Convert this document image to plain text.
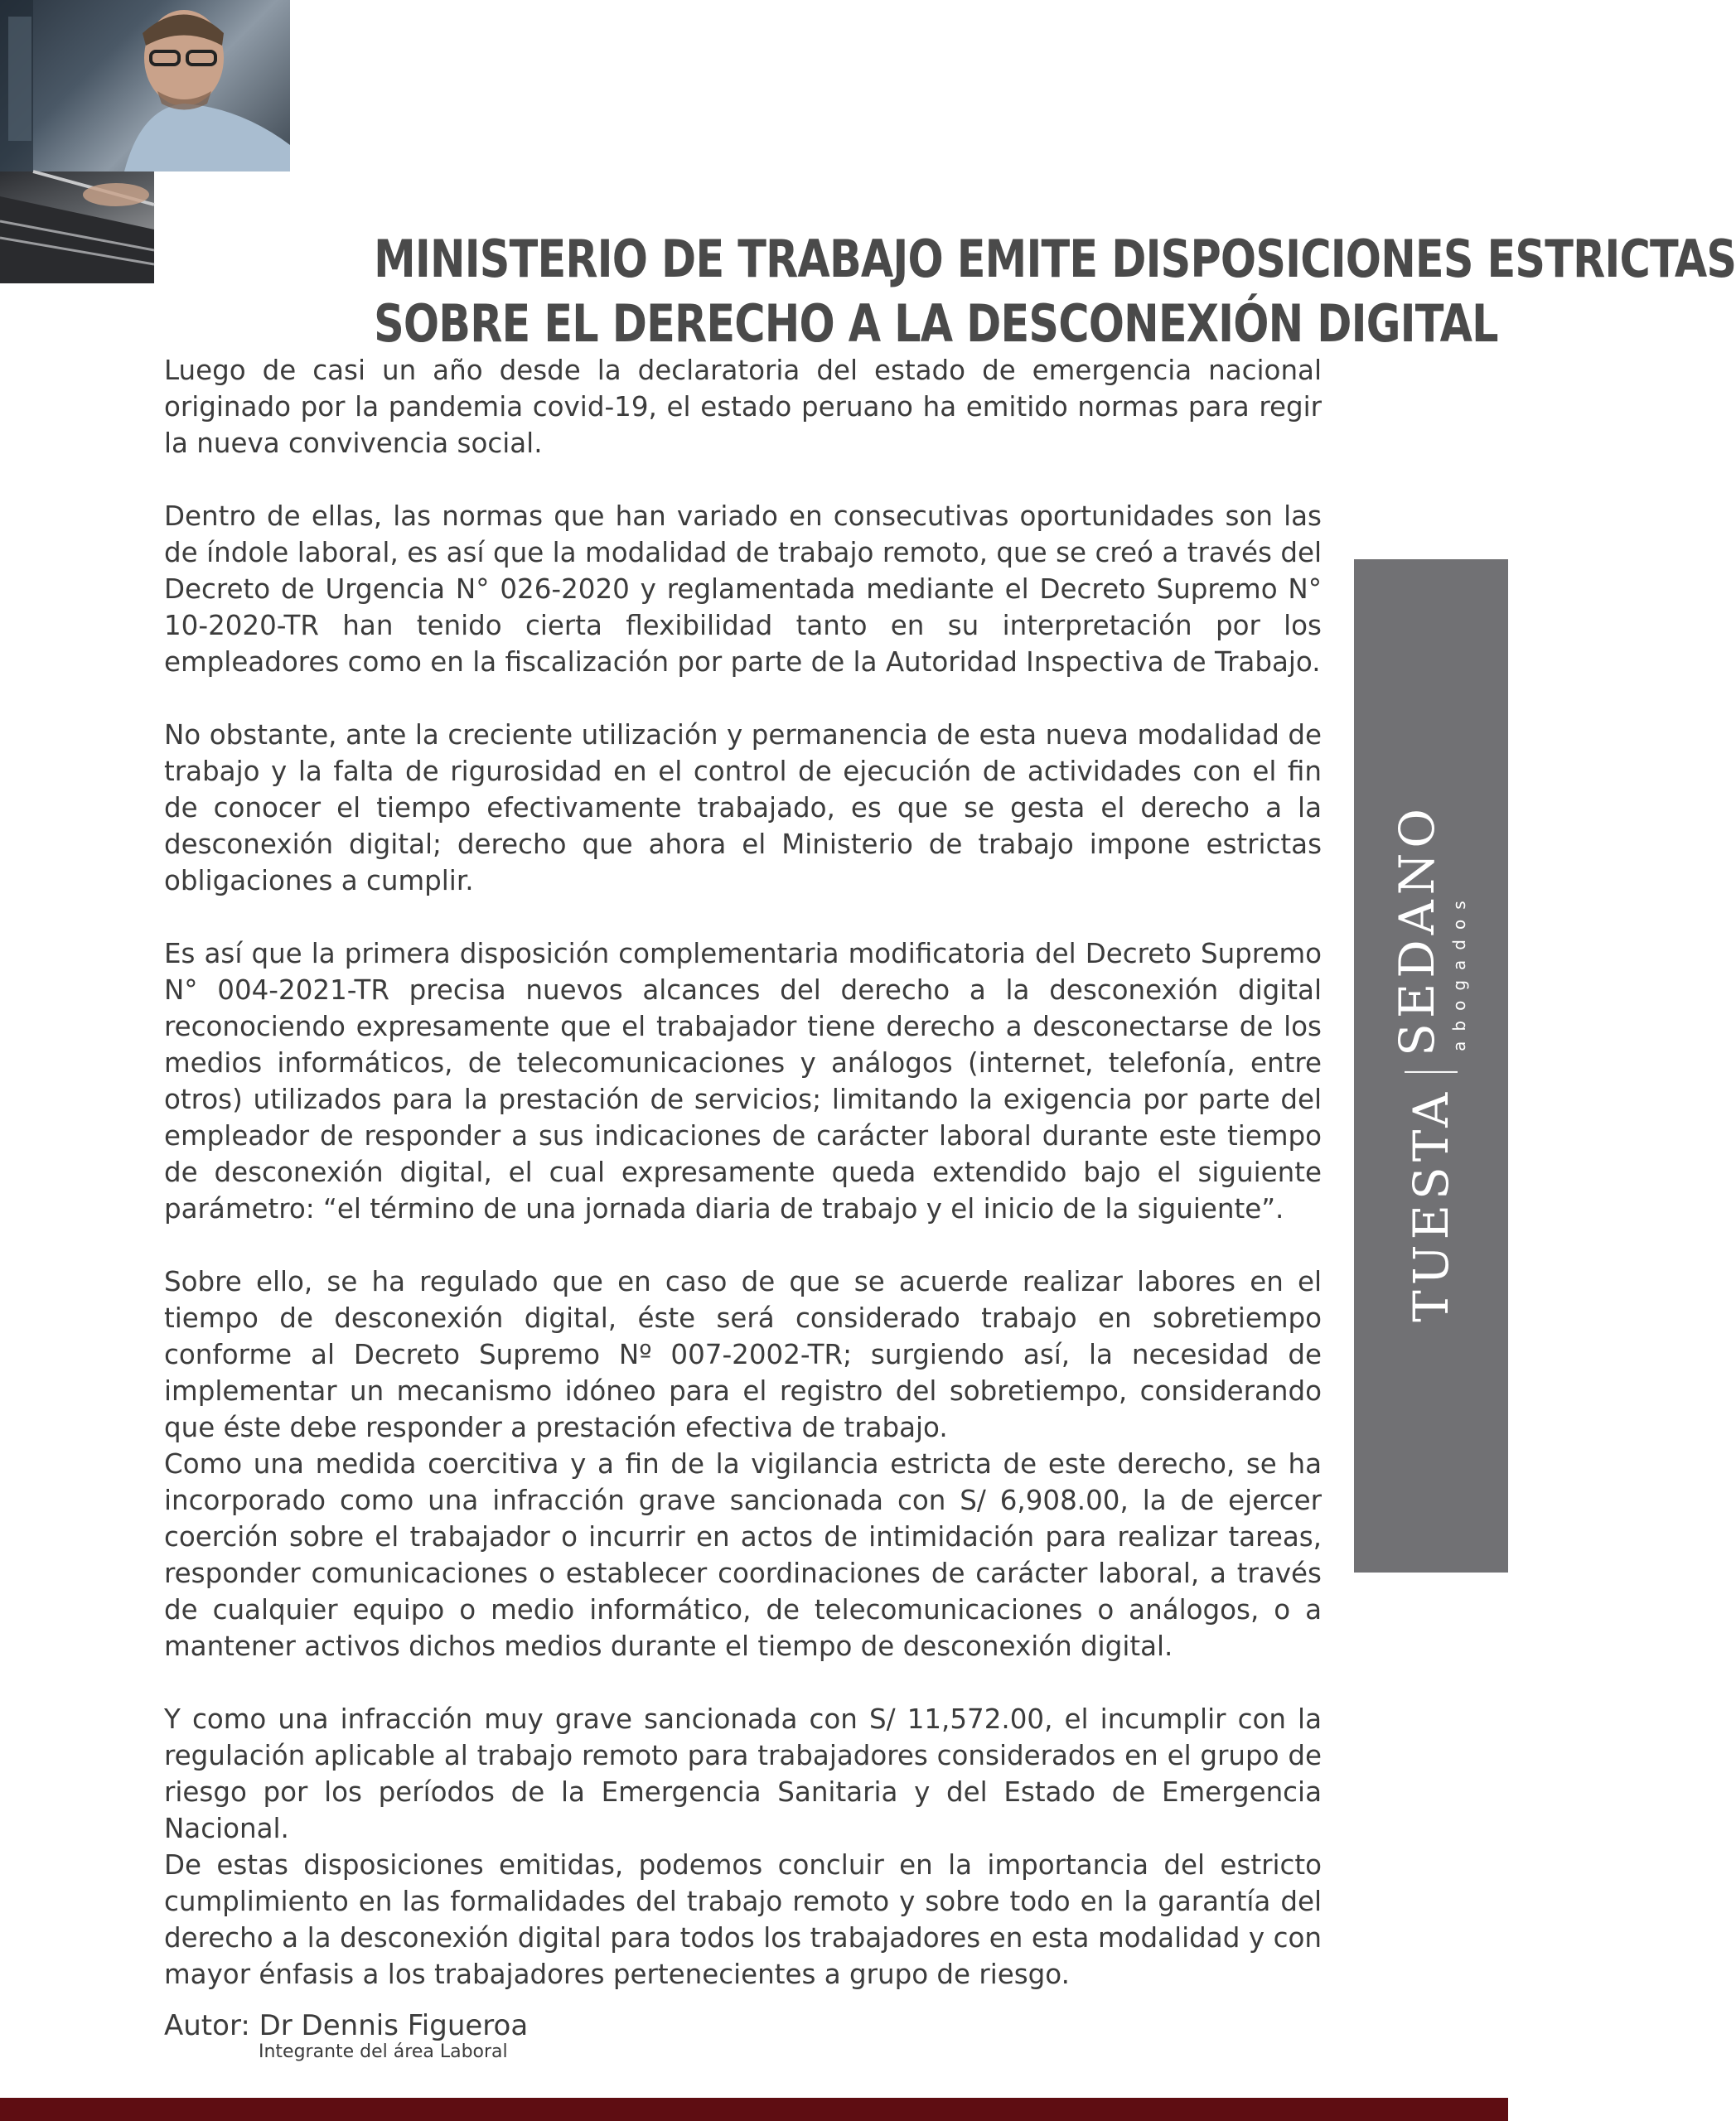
MINISTERIO DE TRABAJO EMITE DISPOSICIONES ESTRICTAS
SOBRE EL DERECHO A LA DESCONEXIÓN DIGITAL

Luego de casi un año desde la declaratoria del estado de emergencia nacional originado por la pandemia covid-19, el estado peruano ha emitido normas para regir la nueva convivencia social.

Dentro de ellas, las normas que han variado en consecutivas oportunidades son las de índole laboral, es así que la modalidad de trabajo remoto, que se creó a través del Decreto de Urgencia N° 026-2020 y reglamentada mediante el Decreto Supremo N° 10-2020-TR han tenido cierta flexibilidad tanto en su interpretación por los empleadores como en la fiscalización por parte de la Autoridad Inspectiva de Trabajo.

No obstante, ante la creciente utilización y permanencia de esta nueva modalidad de trabajo y la falta de rigurosidad en el control de ejecución de actividades con el fin de conocer el tiempo efectivamente trabajado, es que se gesta el derecho a la desconexión digital; derecho que ahora el Ministerio de trabajo impone estrictas obligaciones a cumplir.

Es así que la primera disposición complementaria modificatoria del Decreto Supremo N° 004-2021-TR precisa nuevos alcances del derecho a la desconexión digital reconociendo expresamente que el trabajador tiene derecho a desconectarse de los medios informáticos, de telecomunicaciones y análogos (internet, telefonía, entre otros) utilizados para la prestación de servicios; limitando la exigencia por parte del empleador de responder a sus indicaciones de carácter laboral durante este tiempo de desconexión digital, el cual expresamente queda extendido bajo el siguiente parámetro: “el término de una jornada diaria de trabajo y el inicio de la siguiente”.

Sobre ello, se ha regulado que en caso de que se acuerde realizar labores en el tiempo de desconexión digital, éste será considerado trabajo en sobretiempo conforme al Decreto Supremo Nº 007-2002-TR; surgiendo así, la necesidad de implementar un mecanismo idóneo para el registro del sobretiempo, considerando que éste debe responder a prestación efectiva de trabajo.

Como una medida coercitiva y a fin de la vigilancia estricta de este derecho, se ha incorporado como una infracción grave sancionada con S/ 6,908.00, la de ejercer coerción sobre el trabajador o incurrir en actos de intimidación para realizar tareas, responder comunicaciones o establecer coordinaciones de carácter laboral, a través de cualquier equipo o medio informático, de telecomunicaciones o análogos, o a mantener activos dichos medios durante el tiempo de desconexión digital.

Y como una infracción muy grave sancionada con S/ 11,572.00, el incumplir con la regulación aplicable al trabajo remoto para trabajadores considerados en el grupo de riesgo por los períodos de la Emergencia Sanitaria y del Estado de Emergencia Nacional.

De estas disposiciones emitidas, podemos concluir en la importancia del estricto cumplimiento en las formalidades del trabajo remoto y sobre todo en la garantía del derecho a la desconexión digital para todos los trabajadores en esta modalidad y con mayor énfasis a los trabajadores pertenecientes a grupo de riesgo.

TUESTA
SEDANO abogados
Autor: Dr Dennis Figueroa
Integrante del área Laboral
